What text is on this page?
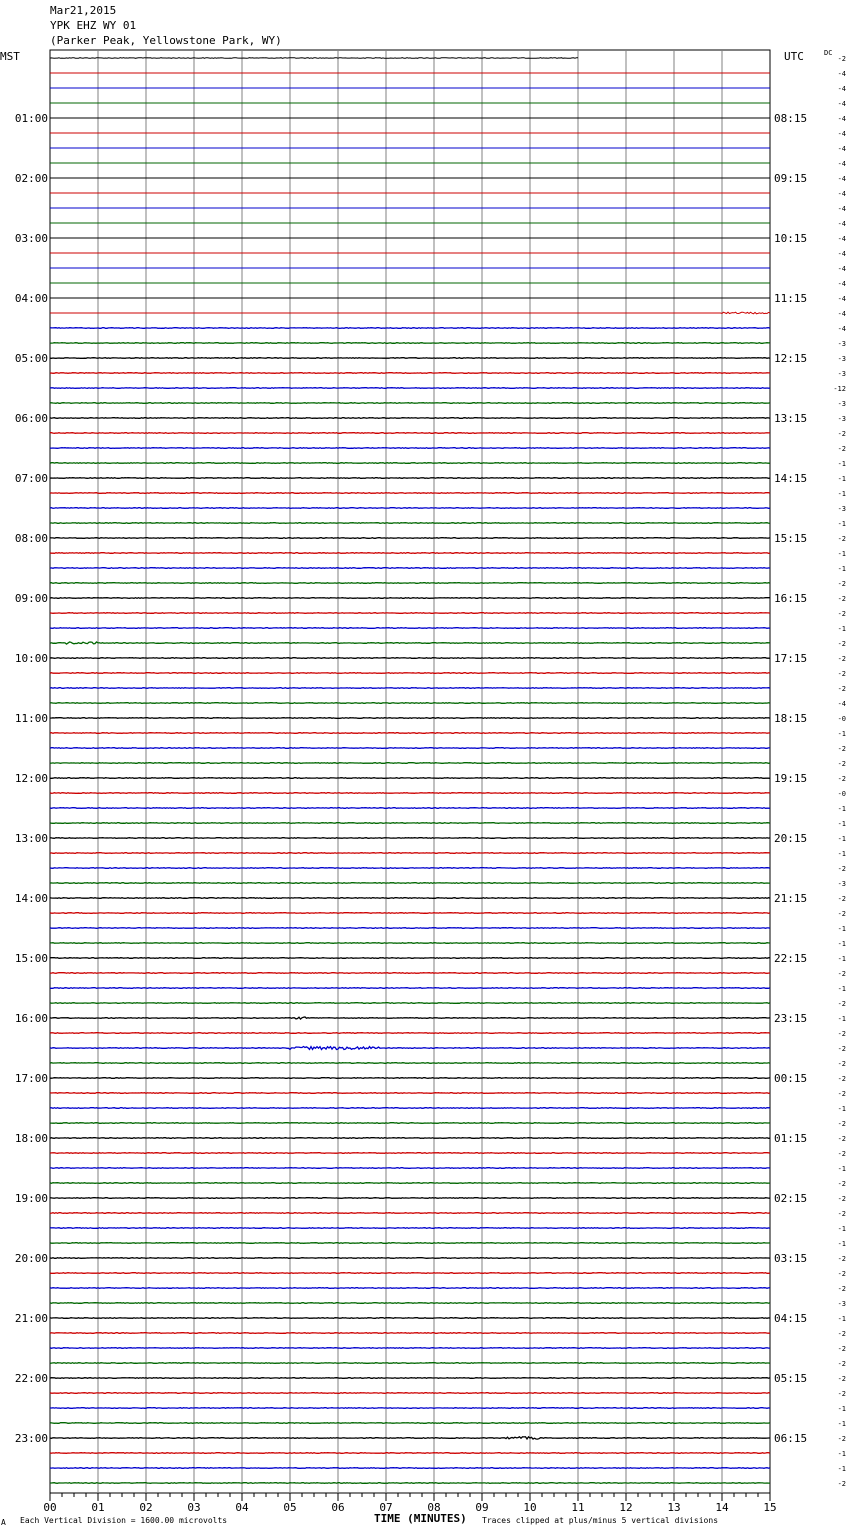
Mar21,2015
YPK EHZ WY 01
(Parker Peak, Yellowstone Park, WY)
MST	UTC	DC
-2
-4
-4
-4
-4
-4
-4
-4
-4
-4
-4
-4
-4
-4
-4
-4
-4
-4
-4
-3
-3
-3
-12
-3
-3
-2
-2
-1
-1
-1
-3
-1
-2
-1
-1
-2
-2
-2
-1
-2
-2
-2
-2
-4
-0
-1
-2
-2
-2
-0
-1
-1
-1
-1
-2
-3
-2
-2
-1
-1
-1
-2
-1
-2
-1
-2
-2
-2
-2
-2
-1
-2
-2
-2
-1
-2
-2
-2
-1
-1
-2
-2
-2
-3
-1
-2
-2
-2
-2
-2
-1
-1
-2
-1
-1
-2
01:00
02:00
03:00
04:00
05:00
06:00
07:00
08:00
09:00
10:00
11:00
12:00
13:00
14:00
15:00
16:00
17:00
18:00
19:00
20:00
21:00
22:00
23:00
08:15
09:15
10:15
11:15
12:15
13:15
14:15
15:15
16:15
17:15
18:15
19:15
20:15
21:15
22:15
23:15
00:15
01:15
02:15
03:15
04:15
05:15
06:15
00	01	02	03	04	05	06	07	08	09	10	11	12	13	14	15
A Each Vertical Division = 1600.00 microvolts	TIME (MINUTES) Traces clipped at plus/minus 5 vertical divisions
